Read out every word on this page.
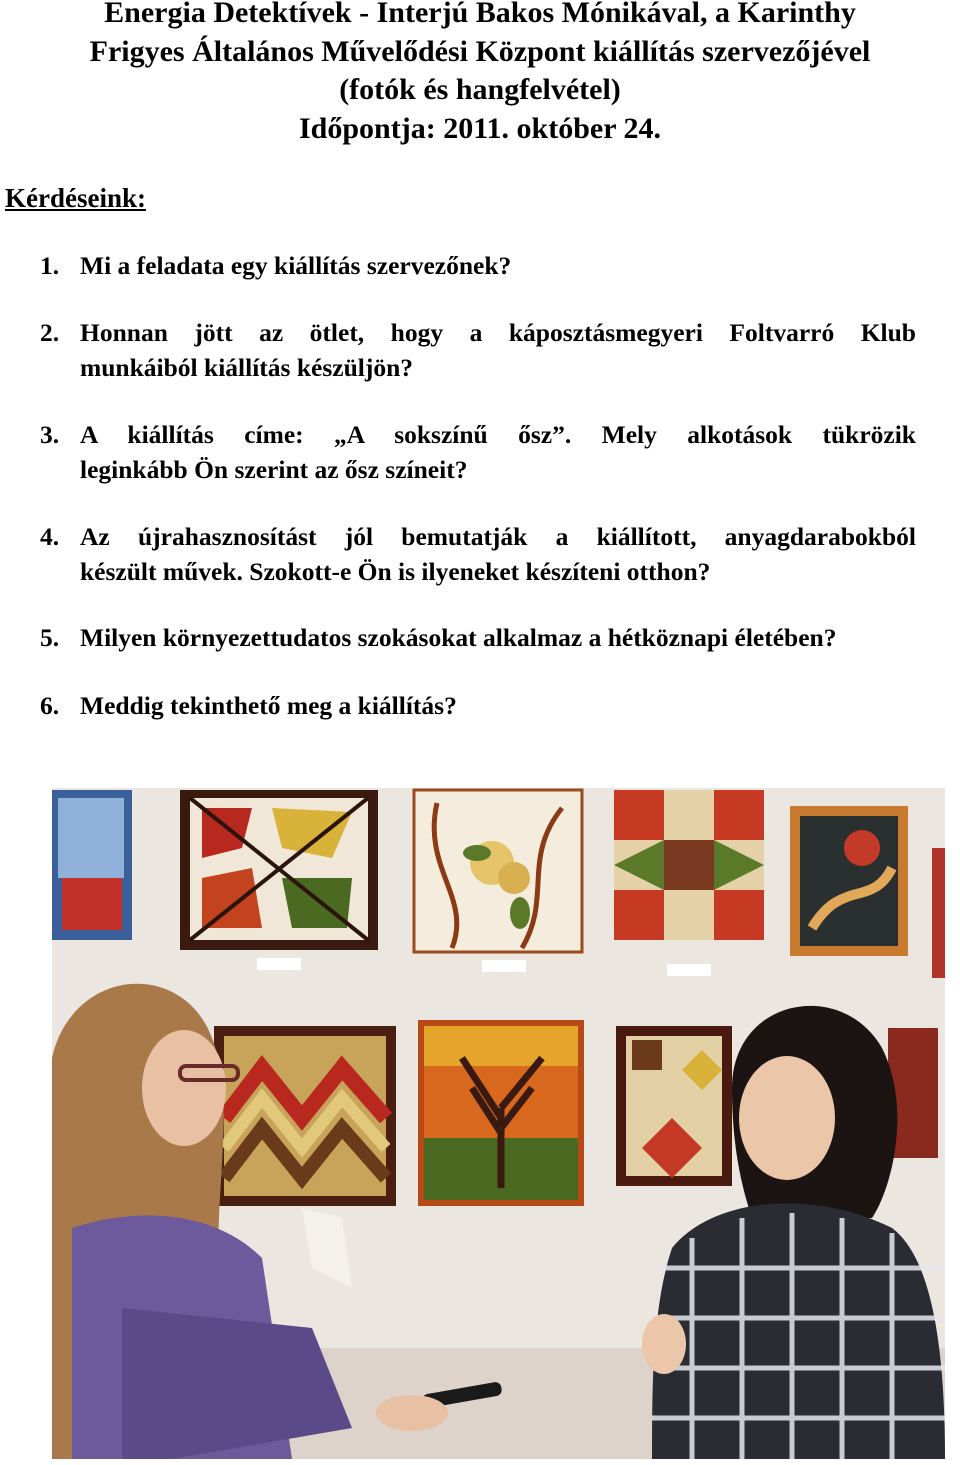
Energia Detektívek - Interjú Bakos Mónikával, a Karinthy
Frigyes Általános Művelődési Központ kiállítás szervezőjével
(fotók és hangfelvétel)
Időpontja: 2011. október 24.
Kérdéseink:
1. Mi a feladata egy kiállítás szervezőnek?
2. Honnan jött az ötlet, hogy a káposztásmegyeri Foltvarró Klub
munkáiból kiállítás készüljön?
3. A kiállítás címe: „A sokszínű ősz”. Mely alkotások tükrözik
leginkább Ön szerint az ősz színeit?
4. Az újrahasznosítást jól bemutatják a kiállított, anyagdarabokból
készült művek. Szokott-e Ön is ilyeneket készíteni otthon?
5. Milyen környezettudatos szokásokat alkalmaz a hétköznapi életében?
6. Meddig tekinthető meg a kiállítás?
